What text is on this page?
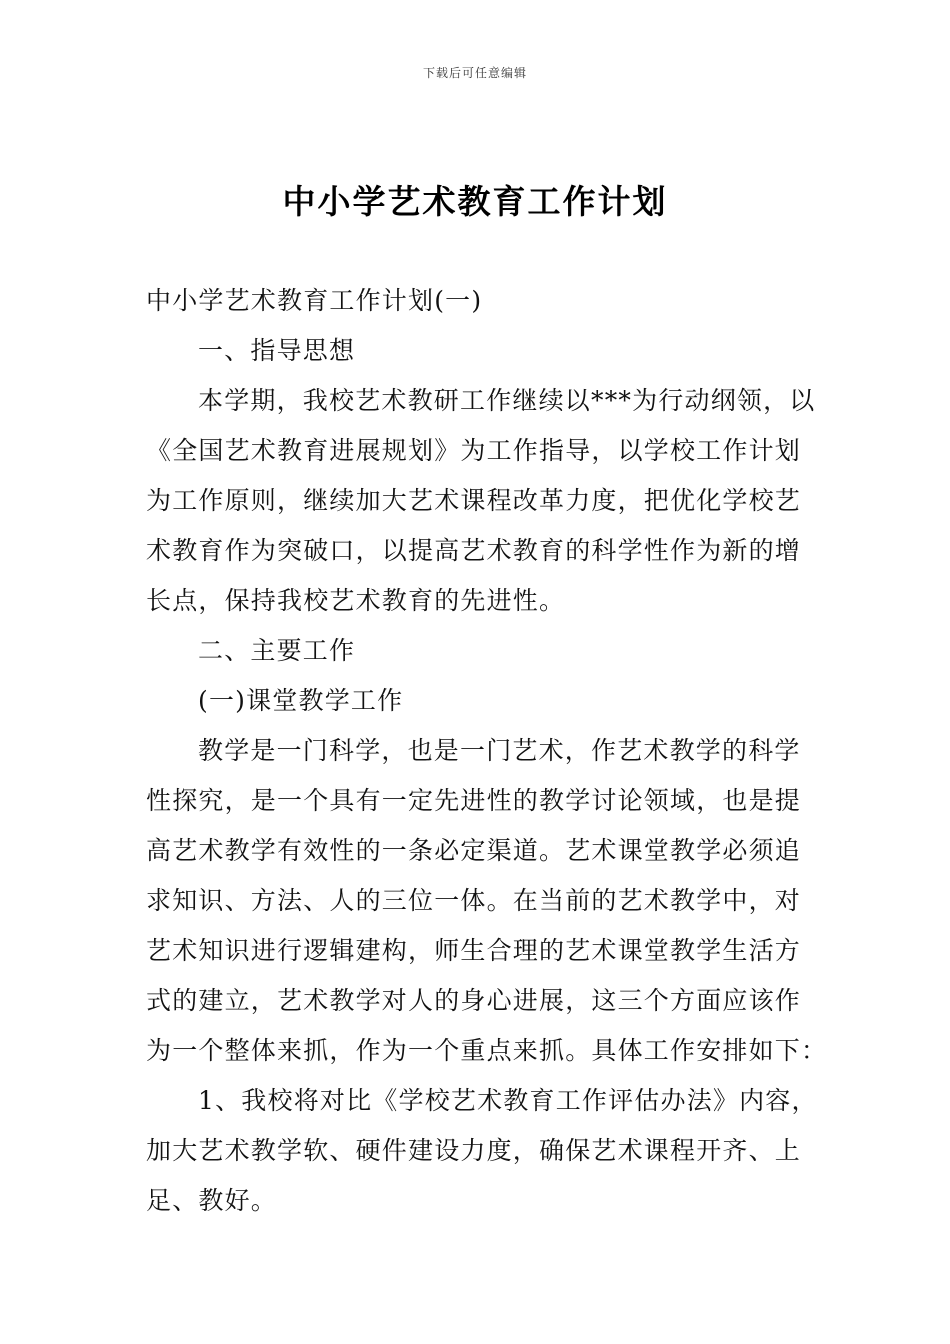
下载后可任意编辑
中小学艺术教育工作计划
中小学艺术教育工作计划(一)
一、指导思想
本学期，我校艺术教研工作继续以***为行动纲领，以
《全国艺术教育进展规划》为工作指导，以学校工作计划
为工作原则，继续加大艺术课程改革力度，把优化学校艺
术教育作为突破口，以提高艺术教育的科学性作为新的增
长点，保持我校艺术教育的先进性。
二、主要工作
(一)课堂教学工作
教学是一门科学，也是一门艺术，作艺术教学的科学
性探究，是一个具有一定先进性的教学讨论领域，也是提
高艺术教学有效性的一条必定渠道。艺术课堂教学必须追
求知识、方法、人的三位一体。在当前的艺术教学中，对
艺术知识进行逻辑建构，师生合理的艺术课堂教学生活方
式的建立，艺术教学对人的身心进展，这三个方面应该作
为一个整体来抓，作为一个重点来抓。具体工作安排如下：
1、我校将对比《学校艺术教育工作评估办法》内容，
加大艺术教学软、硬件建设力度，确保艺术课程开齐、上
足、教好。
